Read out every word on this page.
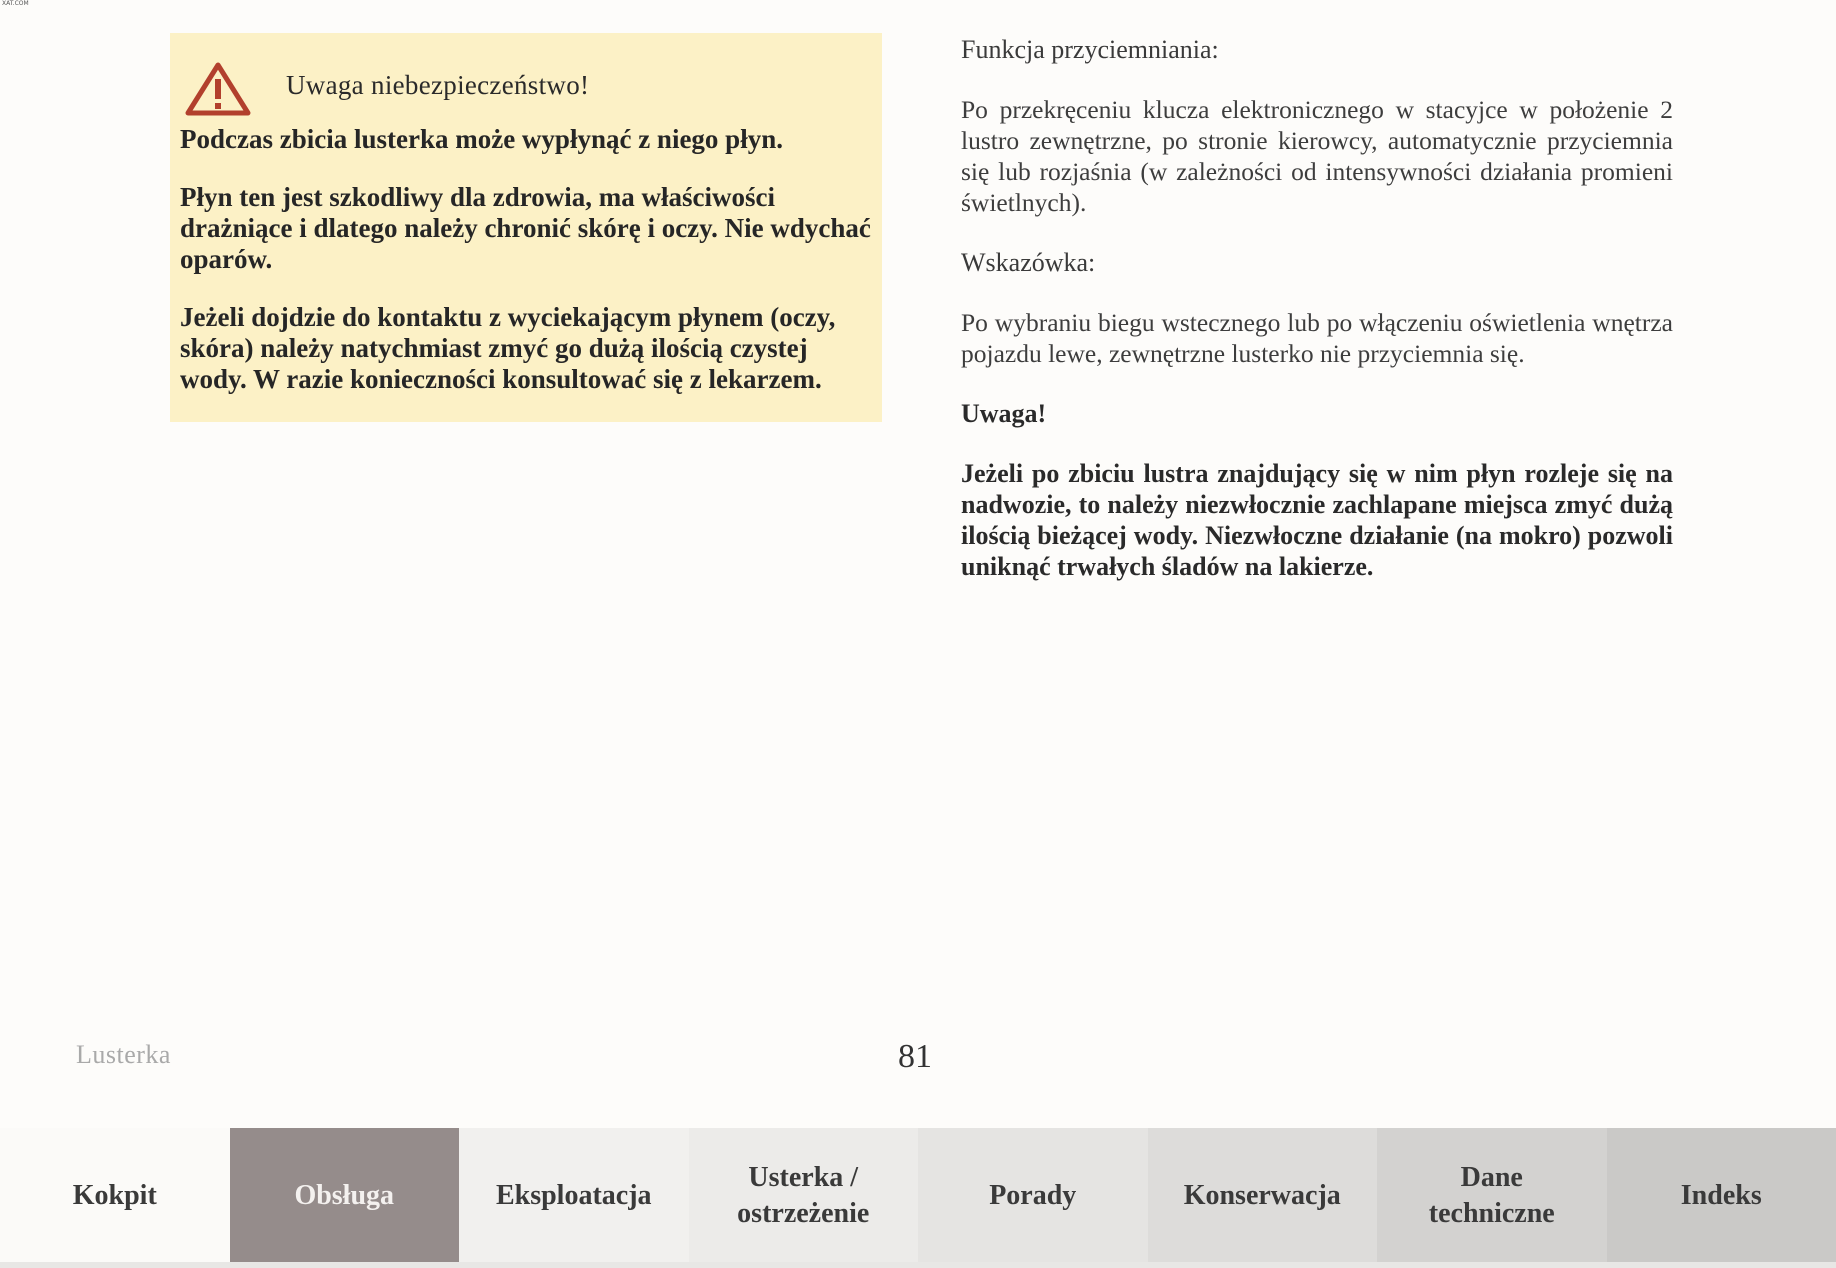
XAT.COM
Uwaga niebezpieczeństwo!

Podczas zbicia lusterka może wypłynąć z niego płyn.

Płyn ten jest szkodliwy dla zdrowia, ma właściwości drażniące i dlatego należy chronić skórę i oczy. Nie wdychać oparów.

Jeżeli dojdzie do kontaktu z wyciekającym płynem (oczy, skóra) należy natychmiast zmyć go dużą ilością czystej wody. W razie konieczności konsultować się z lekarzem.

Funkcja przyciemniania:

Po przekręceniu klucza elektronicznego w stacyjce w położenie 2 lustro zewnętrzne, po stronie kierowcy, automatycznie przyciemnia się lub rozjaśnia (w zależności od intensywności działania promieni świetlnych).

Wskazówka:

Po wybraniu biegu wstecznego lub po włączeniu oświetlenia wnętrza pojazdu lewe, zewnętrzne lusterko nie przyciemnia się.

Uwaga!

Jeżeli po zbiciu lustra znajdujący się w nim płyn rozleje się na nadwozie, to należy niezwłocznie zachlapane miejsca zmyć dużą ilością bieżącej wody. Niezwłoczne działanie (na mokro) pozwoli uniknąć trwałych śladów na lakierze.

Lusterka	81
Kokpit	Obsługa	Eksploatacja
Usterka /
ostrzeżenie
Porady	Konserwacja
Dane
techniczne
Indeks
